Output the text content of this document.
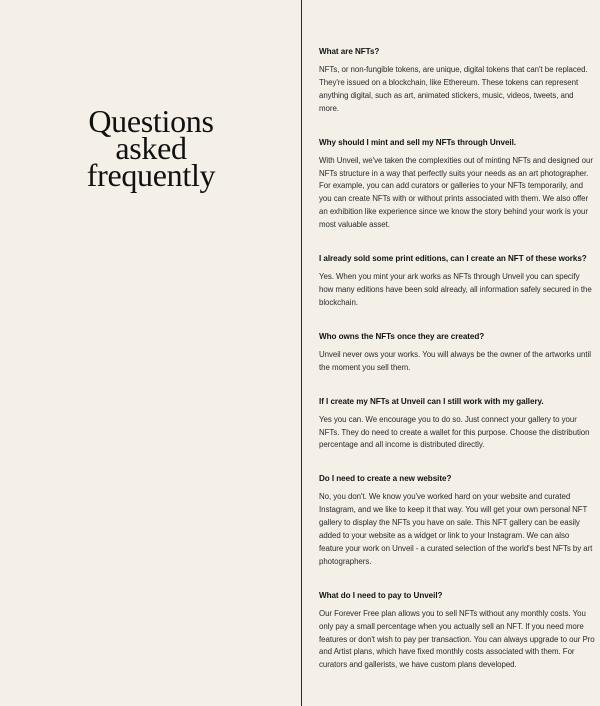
Questions
asked
frequently

What are NFTs?

NFTs, or non-fungible tokens, are unique, digital tokens that can't be replaced. They're issued on a blockchain, like Ethereum. These tokens can represent anything digital, such as art, animated stickers, music, videos, tweets, and more.

Why should I mint and sell my NFTs through Unveil.

With Unveil, we've taken the complexities out of minting NFTs and designed our NFTs structure in a way that perfectly suits your needs as an art photographer. For example, you can add curators or galleries to your NFTs temporarily, and you can create NFTs with or without prints associated with them. We also offer an exhibition like experience since we know the story behind your work is your most valuable asset.

I already sold some print editions, can I create an NFT of these works?

Yes. When you mint your ark works as NFTs through Unveil you can specify how many editions have been sold already, all information safely secured in the blockchain.

Who owns the NFTs once they are created?

Unveil never ows your works. You will always be the owner of the artworks until the moment you sell them.

If I create my NFTs at Unveil can I still work with my gallery.

Yes you can. We encourage you to do so. Just connect your gallery to your NFTs. They do need to create a wallet for this purpose. Choose the distribution percentage and all income is distributed directly.

Do I need to create a new website?

No, you don't. We know you've worked hard on your website and curated Instagram, and we like to keep it that way. You will get your own personal NFT gallery to display the NFTs you have on sale. This NFT gallery can be easily added to your website as a widget or link to your Instagram. We can also feature your work on Unveil - a curated selection of the world's best NFTs by art photographers.

What do I need to pay to Unveil?

Our Forever Free plan allows you to sell NFTs without any monthly costs. You only pay a small percentage when you actually sell an NFT. If you need more features or don't wish to pay per transaction. You can always upgrade to our Pro and Artist plans, which have fixed monthly costs associated with them. For curators and gallerists, we have custom plans developed.
